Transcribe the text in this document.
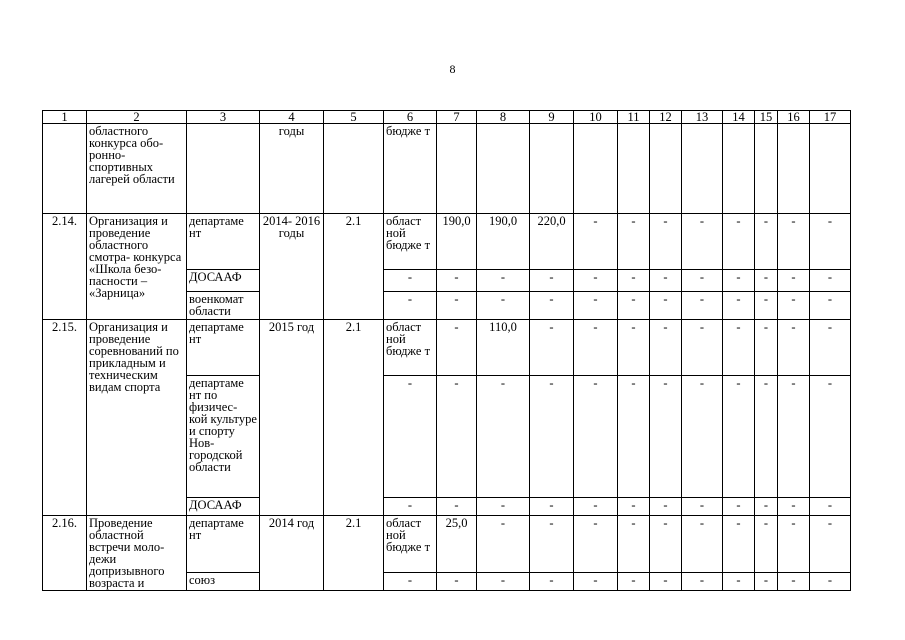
8
1	2	3	4	5	6	7	8	9	10	11	12	13	14	15	16	17
	областного конкурса обо- ронно- спортивных лагерей области		годы		бюдже т											
2.14.	Организация и проведение областного смотра- конкурса «Школа безо- пасности – «Зарница»	департаме нт	2014- 2016 годы	2.1	област ной бюдже т	190,0	190,0	220,0	-	-	-	-	-	-	-	-
		ДОСААФ			-	-	-	-	-	-	-	-	-	-	-	-
		военкомат области			-	-	-	-	-	-	-	-	-	-	-	-
2.15.	Организация и проведение соревнований по прикладным и техническим видам спорта	департаме нт	2015 год	2.1	област ной бюдже т	-	110,0	-	-	-	-	-	-	-	-	-
		департаме нт по физичес- кой культуре и спорту Нов- городской области			-	-	-	-	-	-	-	-	-	-	-	-
		ДОСААФ			-	-	-	-	-	-	-	-	-	-	-	-
2.16.	Проведение областной встречи моло- дежи допризывного возраста и	департаме нт	2014 год	2.1	област ной бюдже т	25,0	-	-	-	-	-	-	-	-	-	-
		союз			-	-	-	-	-	-	-	-	-	-	-	-
